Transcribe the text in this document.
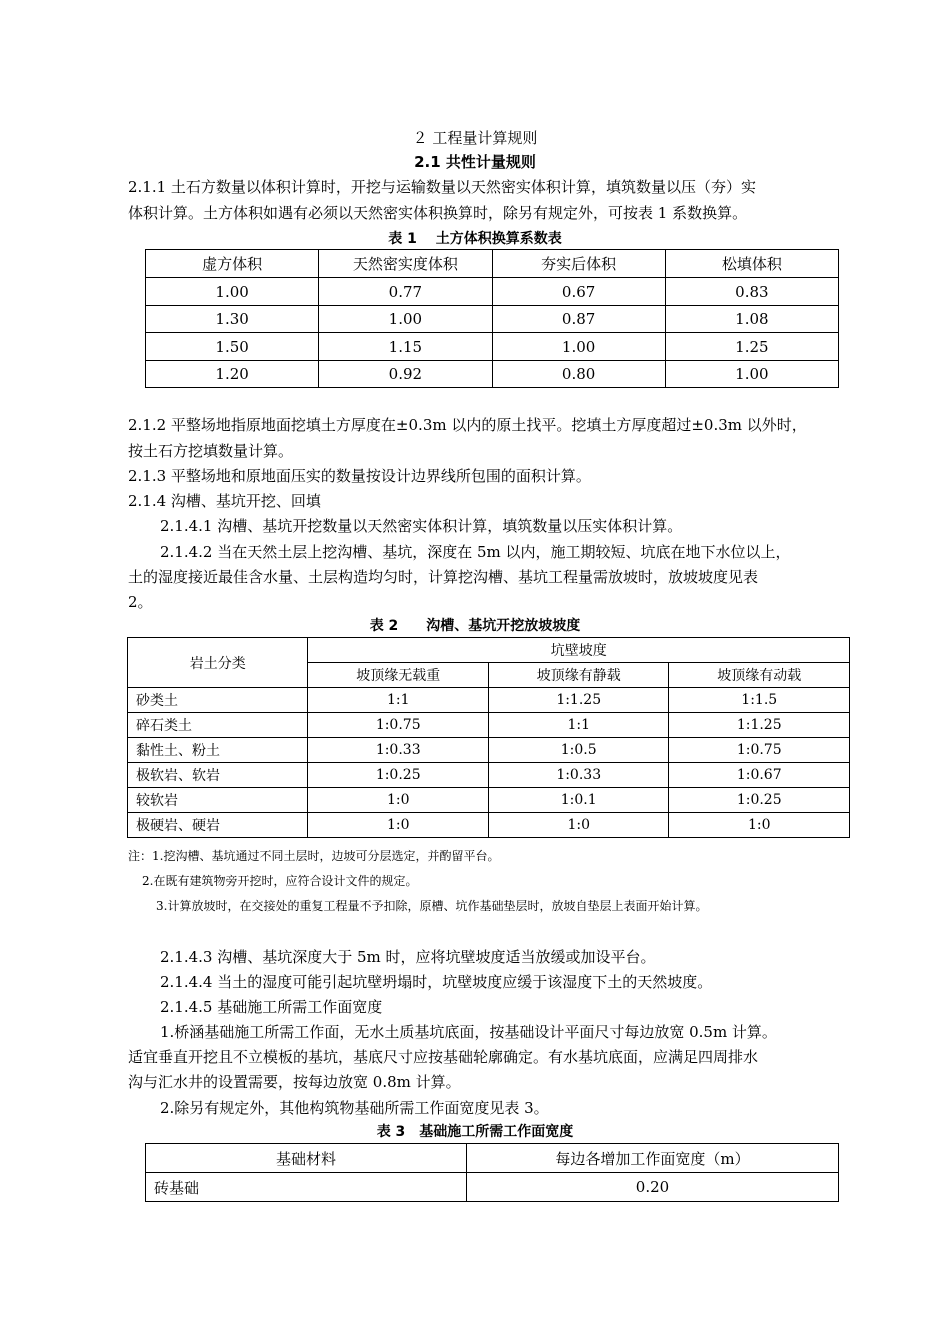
２ 工程量计算规则
2.1 共性计量规则
2.1.1 土石方数量以体积计算时，开挖与运输数量以天然密实体积计算，填筑数量以压（夯）实
体积计算。土方体积如遇有必须以天然密实体积换算时，除另有规定外，可按表 1 系数换算。
表 1　 土方体积换算系数表
虚方体积	天然密实度体积	夯实后体积	松填体积
1.00	0.77	0.67	0.83
1.30	1.00	0.87	1.08
1.50	1.15	1.00	1.25
1.20	0.92	0.80	1.00
2.1.2 平整场地指原地面挖填土方厚度在±0.3m 以内的原土找平。挖填土方厚度超过±0.3m 以外时，
按土石方挖填数量计算。
2.1.3 平整场地和原地面压实的数量按设计边界线所包围的面积计算。
2.1.4 沟槽、基坑开挖、回填
2.1.4.1 沟槽、基坑开挖数量以天然密实体积计算，填筑数量以压实体积计算。
2.1.4.2 当在天然土层上挖沟槽、基坑，深度在 5m 以内，施工期较短、坑底在地下水位以上，
土的湿度接近最佳含水量、土层构造均匀时，计算挖沟槽、基坑工程量需放坡时，放坡坡度见表
2。
表 2　　沟槽、基坑开挖放坡坡度
岩土分类	坑壁坡度		
	坡顶缘无载重	坡顶缘有静载	坡顶缘有动载
砂类土	1:1	1:1.25	1:1.5
碎石类土	1:0.75	1:1	1:1.25
黏性土、粉土	1:0.33	1:0.5	1:0.75
极软岩、软岩	1:0.25	1:0.33	1:0.67
较软岩	1:0	1:0.1	1:0.25
极硬岩、硬岩	1:0	1:0	1:0
注：1.挖沟槽、基坑通过不同土层时，边坡可分层选定，并酌留平台。
2.在既有建筑物旁开挖时，应符合设计文件的规定。
3.计算放坡时，在交接处的重复工程量不予扣除，原槽、坑作基础垫层时，放坡自垫层上表面开始计算。
2.1.4.3 沟槽、基坑深度大于 5m 时，应将坑壁坡度适当放缓或加设平台。
2.1.4.4 当土的湿度可能引起坑壁坍塌时，坑壁坡度应缓于该湿度下土的天然坡度。
2.1.4.5 基础施工所需工作面宽度
1.桥涵基础施工所需工作面，无水土质基坑底面，按基础设计平面尺寸每边放宽 0.5m 计算。
适宜垂直开挖且不立模板的基坑，基底尺寸应按基础轮廓确定。有水基坑底面，应满足四周排水
沟与汇水井的设置需要，按每边放宽 0.8m 计算。
2.除另有规定外，其他构筑物基础所需工作面宽度见表 3。
表 3　基础施工所需工作面宽度
基础材料	每边各增加工作面宽度（m）
砖基础	0.20
